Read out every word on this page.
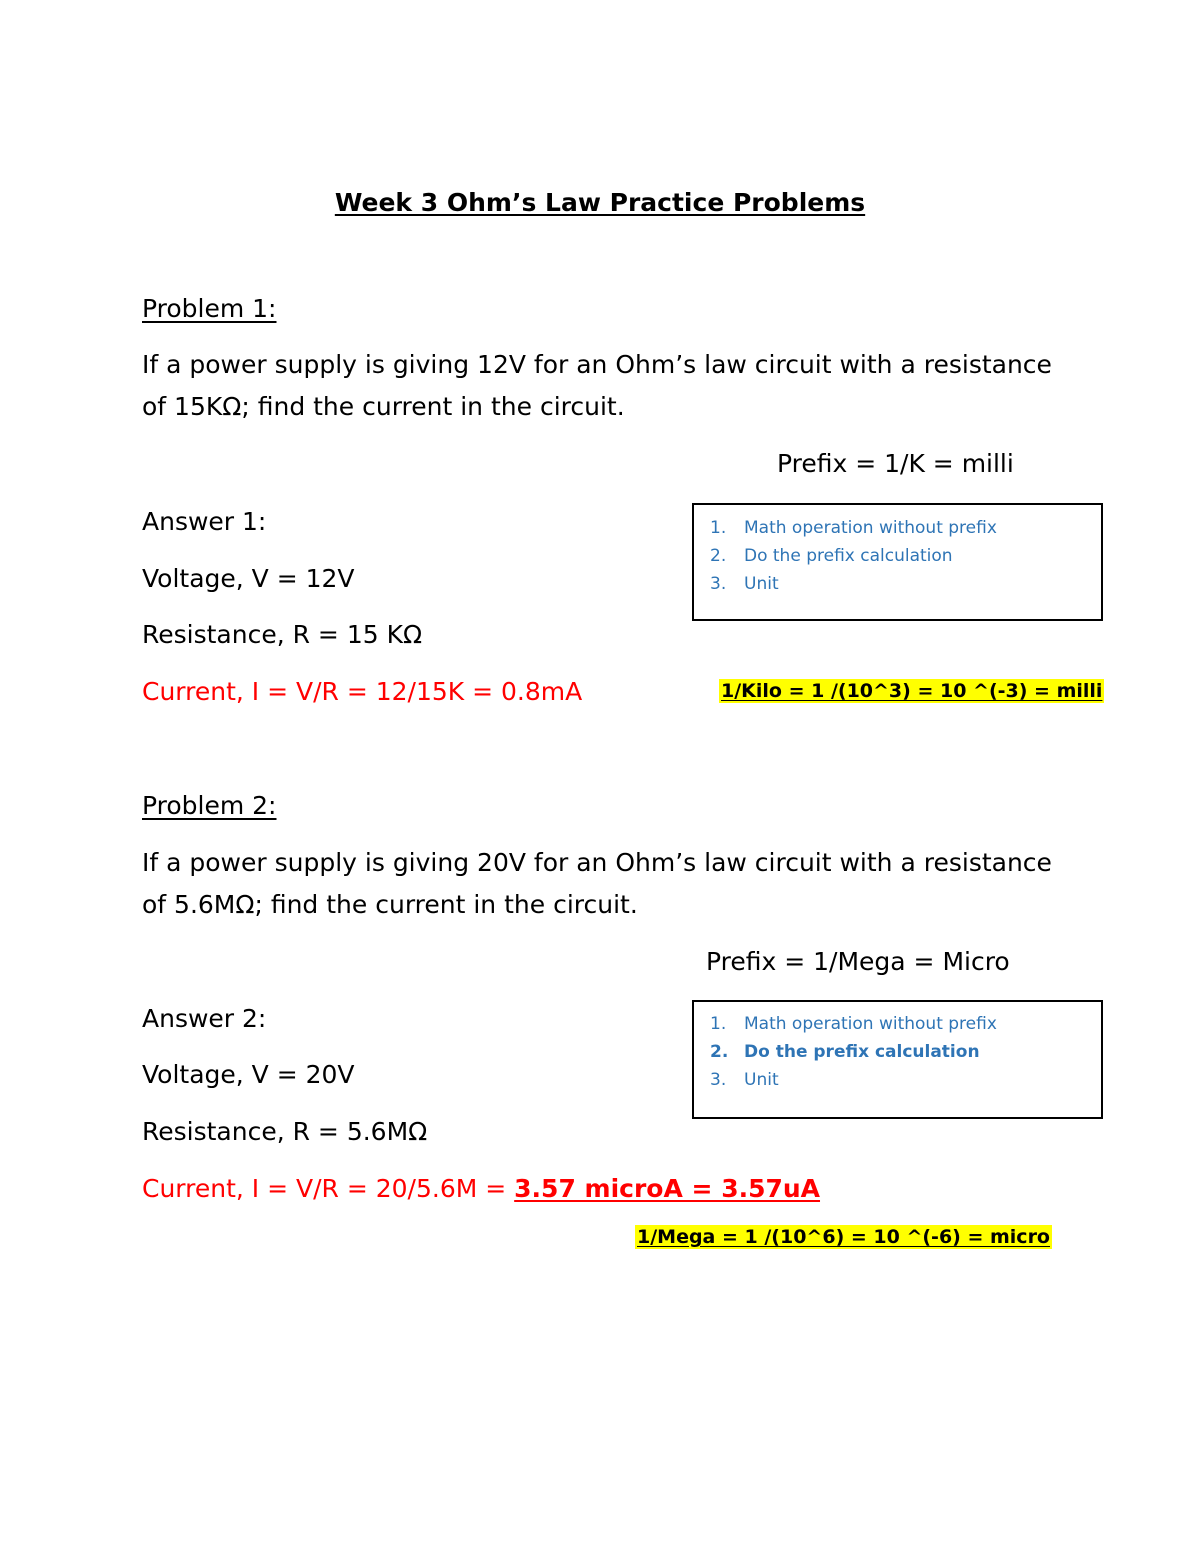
Week 3 Ohm’s Law Practice Problems
Problem 1:
If a power supply is giving 12V for an Ohm’s law circuit with a resistance
of 15KΩ; find the current in the circuit.
Prefix = 1/K = milli
Answer 1:
Voltage, V = 12V
Resistance, R = 15 KΩ
Current, I = V/R = 12/15K = 0.8mA
1.	Math operation without prefix
2.	Do the prefix calculation
3.	Unit
1/Kilo = 1 /(10^3) = 10 ^(-3) = milli
Problem 2:
If a power supply is giving 20V for an Ohm’s law circuit with a resistance
of 5.6MΩ; find the current in the circuit.
Prefix = 1/Mega = Micro
Answer 2:
Voltage, V = 20V
Resistance, R = 5.6MΩ
Current, I = V/R = 20/5.6M = 3.57 microA = 3.57uA
1.	Math operation without prefix
2. Do the prefix calculation
3.	Unit
1/Mega = 1 /(10^6) = 10 ^(-6) = micro
